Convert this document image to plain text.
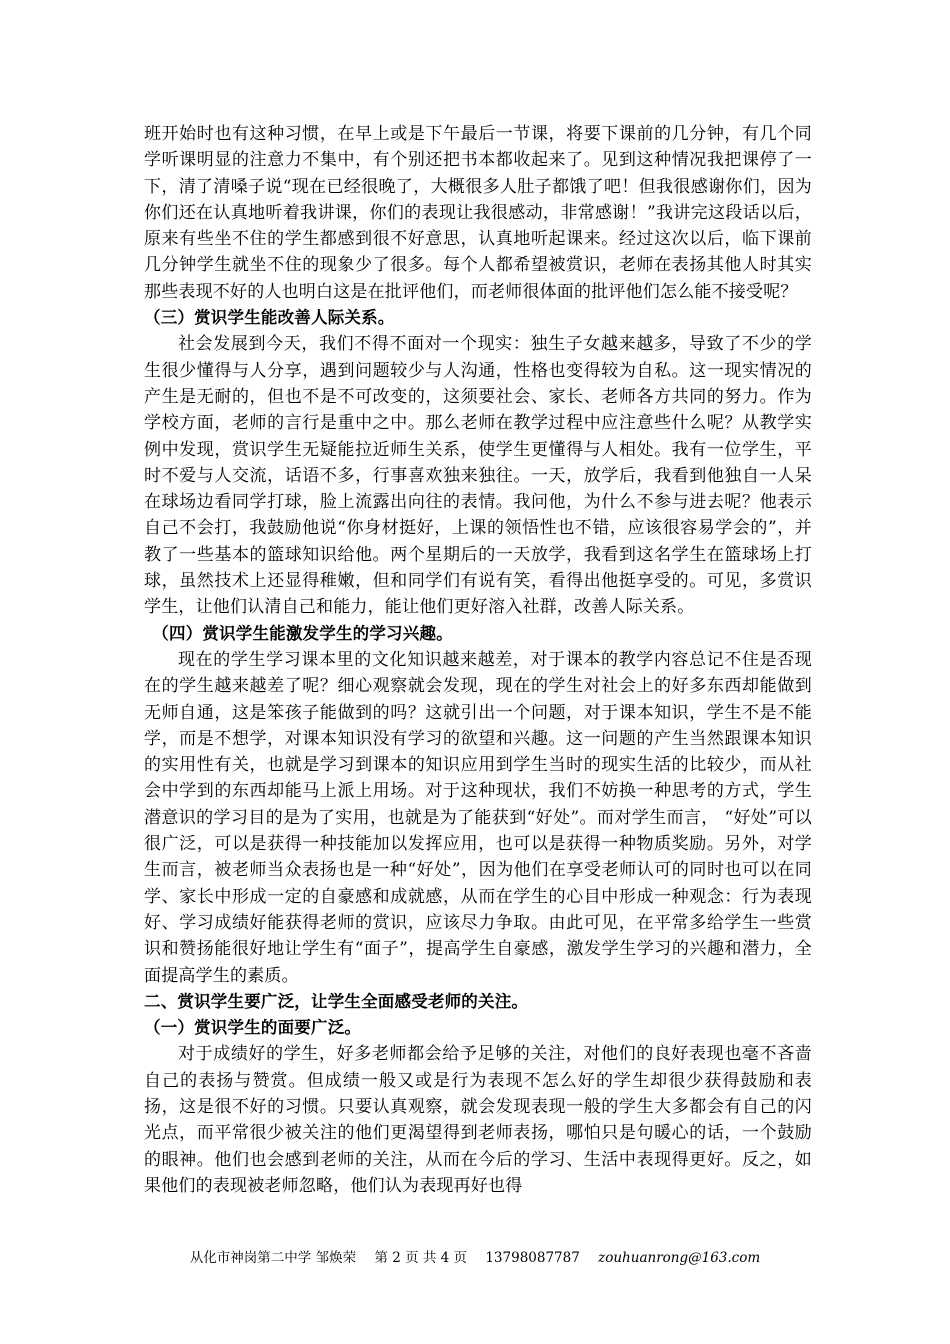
班开始时也有这种习惯，在早上或是下午最后一节课，将要下课前的几分钟，有几个同学听课明显的注意力不集中，有个别还把书本都收起来了。见到这种情况我把课停了一下，清了清嗓子说“现在已经很晚了，大概很多人肚子都饿了吧！但我很感谢你们，因为你们还在认真地听着我讲课，你们的表现让我很感动，非常感谢！”我讲完这段话以后，原来有些坐不住的学生都感到很不好意思，认真地听起课来。经过这次以后，临下课前几分钟学生就坐不住的现象少了很多。每个人都希望被赏识，老师在表扬其他人时其实那些表现不好的人也明白这是在批评他们，而老师很体面的批评他们怎么能不接受呢？

（三）赏识学生能改善人际关系。

社会发展到今天，我们不得不面对一个现实：独生子女越来越多，导致了不少的学生很少懂得与人分享，遇到问题较少与人沟通，性格也变得较为自私。这一现实情况的产生是无耐的，但也不是不可改变的，这须要社会、家长、老师各方共同的努力。作为学校方面，老师的言行是重中之中。那么老师在教学过程中应注意些什么呢？从教学实例中发现，赏识学生无疑能拉近师生关系，使学生更懂得与人相处。我有一位学生，平时不爱与人交流，话语不多，行事喜欢独来独往。一天，放学后，我看到他独自一人呆在球场边看同学打球，脸上流露出向往的表情。我问他，为什么不参与进去呢？他表示自己不会打，我鼓励他说“你身材挺好，上课的领悟性也不错，应该很容易学会的”，并教了一些基本的篮球知识给他。两个星期后的一天放学，我看到这名学生在篮球场上打球，虽然技术上还显得稚嫩，但和同学们有说有笑，看得出他挺享受的。可见，多赏识学生，让他们认清自己和能力，能让他们更好溶入社群，改善人际关系。

（四）赏识学生能激发学生的学习兴趣。

现在的学生学习课本里的文化知识越来越差，对于课本的教学内容总记不住是否现在的学生越来越差了呢？细心观察就会发现，现在的学生对社会上的好多东西却能做到无师自通，这是笨孩子能做到的吗？这就引出一个问题，对于课本知识，学生不是不能学，而是不想学，对课本知识没有学习的欲望和兴趣。这一问题的产生当然跟课本知识的实用性有关，也就是学习到课本的知识应用到学生当时的现实生活的比较少，而从社会中学到的东西却能马上派上用场。对于这种现状，我们不妨换一种思考的方式，学生潜意识的学习目的是为了实用，也就是为了能获到“好处”。而对学生而言， “好处”可以很广泛，可以是获得一种技能加以发挥应用，也可以是获得一种物质奖励。另外，对学生而言，被老师当众表扬也是一种“好处”，因为他们在享受老师认可的同时也可以在同学、家长中形成一定的自豪感和成就感，从而在学生的心目中形成一种观念：行为表现好、学习成绩好能获得老师的赏识，应该尽力争取。由此可见，在平常多给学生一些赏识和赞扬能很好地让学生有“面子”，提高学生自豪感，激发学生学习的兴趣和潜力，全面提高学生的素质。

二、赏识学生要广泛，让学生全面感受老师的关注。

（一）赏识学生的面要广泛。

对于成绩好的学生，好多老师都会给予足够的关注，对他们的良好表现也毫不吝啬自己的表扬与赞赏。但成绩一般又或是行为表现不怎么好的学生却很少获得鼓励和表扬，这是很不好的习惯。只要认真观察，就会发现表现一般的学生大多都会有自己的闪光点，而平常很少被关注的他们更渴望得到老师表扬，哪怕只是句暖心的话，一个鼓励的眼神。他们也会感到老师的关注，从而在今后的学习、生活中表现得更好。反之，如果他们的表现被老师忽略，他们认为表现再好也得

从化市神岗第二中学 邹焕荣 第 2 页 共 4 页 13798087787 zouhuanrong@163.com
